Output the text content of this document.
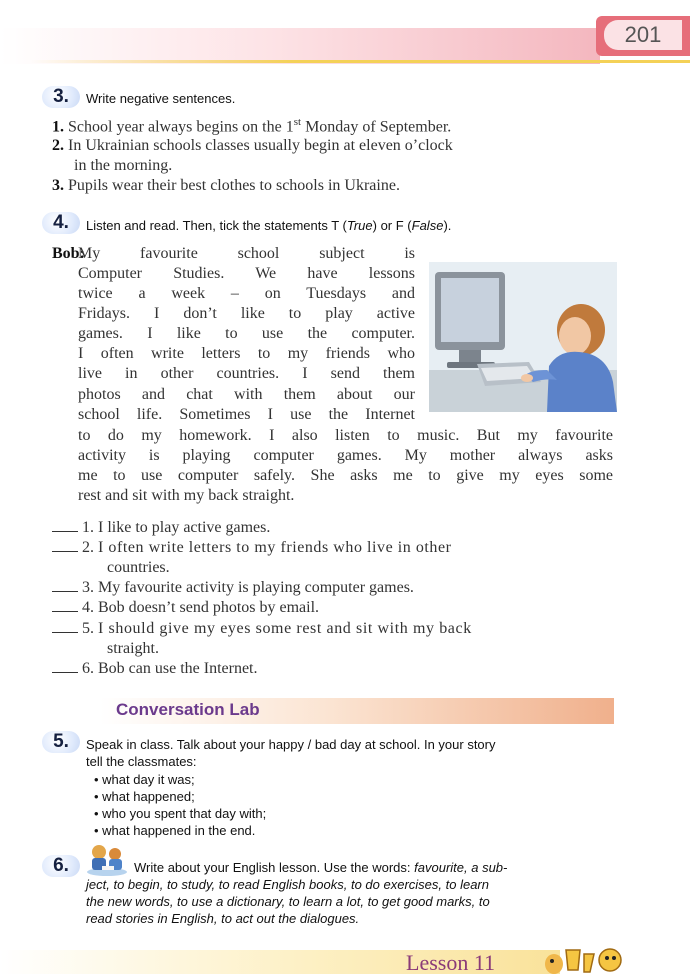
201
3.	Write negative sentences.
1. School year always begins on the 1st Monday of September.
2. In Ukrainian schools classes usually begin at eleven o’clock
in the morning.
3. Pupils wear their best clothes to schools in Ukraine.
4.	Listen and read. Then, tick the statements T (True) or F (False).
Bob:
My favourite school subject is
Computer Studies. We have lessons
twice a week – on Tuesdays and
Fridays. I don’t like to play active
games. I like to use the computer.
I often write letters to my friends who
live in other countries. I send them
photos and chat with them about our
school life. Sometimes I use the Internet
to do my homework. I also listen to music. But my favourite
activity is playing computer games. My mother always asks
me to use computer safely. She asks me to give my eyes some
rest and sit with my back straight.
1. I like to play active games.
2. I often write letters to my friends who live in other
countries.
3. My favourite activity is playing computer games.
4. Bob doesn’t send photos by email.
5. I should give my eyes some rest and sit with my back
straight.
6. Bob can use the Internet.
Conversation Lab
5.	Speak in class. Talk about your happy / bad day at school. In your story
tell the classmates:
• what day it was;
• what happened;
• who you spent that day with;
• what happened in the end.
6.	Write about your English lesson. Use the words: favourite, a sub-
ject, to begin, to study, to read English books, to do exercises, to learn
the new words, to use a dictionary, to learn a lot, to get good marks, to
read stories in English, to act out the dialogues.
Lesson 11
